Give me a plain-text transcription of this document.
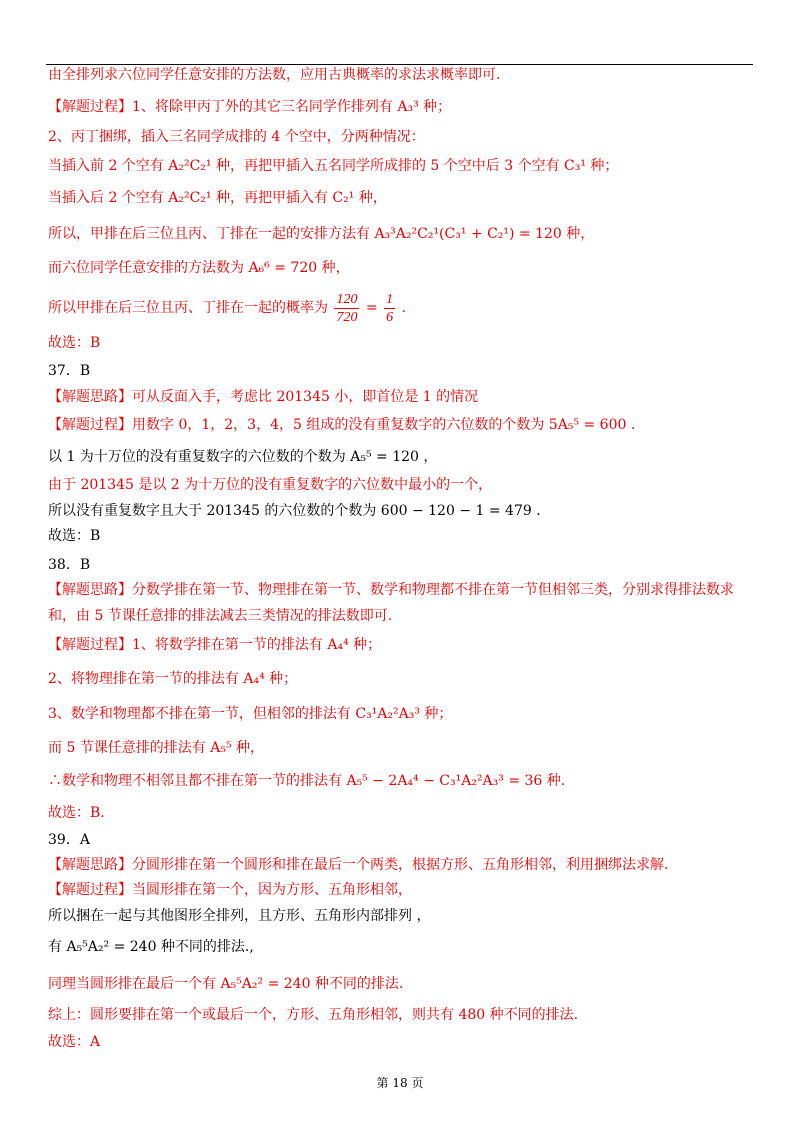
由全排列求六位同学任意安排的方法数，应用古典概率的求法求概率即可.
【解题过程】1、将除甲丙丁外的其它三名同学作排列有 A₃³ 种；
2、丙丁捆绑，插入三名同学成排的 4 个空中，分两种情况：
当插入前 2 个空有 A₂²C₂¹ 种，再把甲插入五名同学所成排的 5 个空中后 3 个空有 C₃¹ 种；
当插入后 2 个空有 A₂²C₂¹ 种，再把甲插入有 C₂¹ 种，
所以，甲排在后三位且丙、丁排在一起的安排方法有 A₃³A₂²C₂¹(C₃¹ + C₂¹) = 120 种，
而六位同学任意安排的方法数为 A₆⁶ = 720 种，
所以甲排在后三位且丙、丁排在一起的概率为 $\frac{120}{720} = \frac{1}{6}$ .
故选：B
37．B
【解题思路】可从反面入手，考虑比 201345 小，即首位是 1 的情况
【解题过程】用数字 0，1，2，3，4，5 组成的没有重复数字的六位数的个数为 5A₅⁵ = 600 .
以 1 为十万位的没有重复数字的六位数的个数为 A₅⁵ = 120 ，
由于 201345 是以 2 为十万位的没有重复数字的六位数中最小的一个，
所以没有重复数字且大于 201345 的六位数的个数为 600 − 120 − 1 = 479 .
故选：B
38．B
【解题思路】分数学排在第一节、物理排在第一节、数学和物理都不排在第一节但相邻三类，分别求得排法数求
和，由 5 节课任意排的排法减去三类情况的排法数即可.
【解题过程】1、将数学排在第一节的排法有 A₄⁴ 种；
2、将物理排在第一节的排法有 A₄⁴ 种；
3、数学和物理都不排在第一节，但相邻的排法有 C₃¹A₂²A₃³ 种；
而 5 节课任意排的排法有 A₅⁵ 种，
∴数学和物理不相邻且都不排在第一节的排法有 A₅⁵ − 2A₄⁴ − C₃¹A₂²A₃³ = 36 种.
故选：B.
39．A
【解题思路】分圆形排在第一个圆形和排在最后一个两类，根据方形、五角形相邻，利用捆绑法求解.
【解题过程】当圆形排在第一个，因为方形、五角形相邻，
所以捆在一起与其他图形全排列，且方形、五角形内部排列 ，
有 A₅⁵A₂² = 240 种不同的排法.,
同理当圆形排在最后一个有 A₅⁵A₂² = 240 种不同的排法.
综上：圆形要排在第一个或最后一个，方形、五角形相邻，则共有 480 种不同的排法.
故选：A
第 18 页
